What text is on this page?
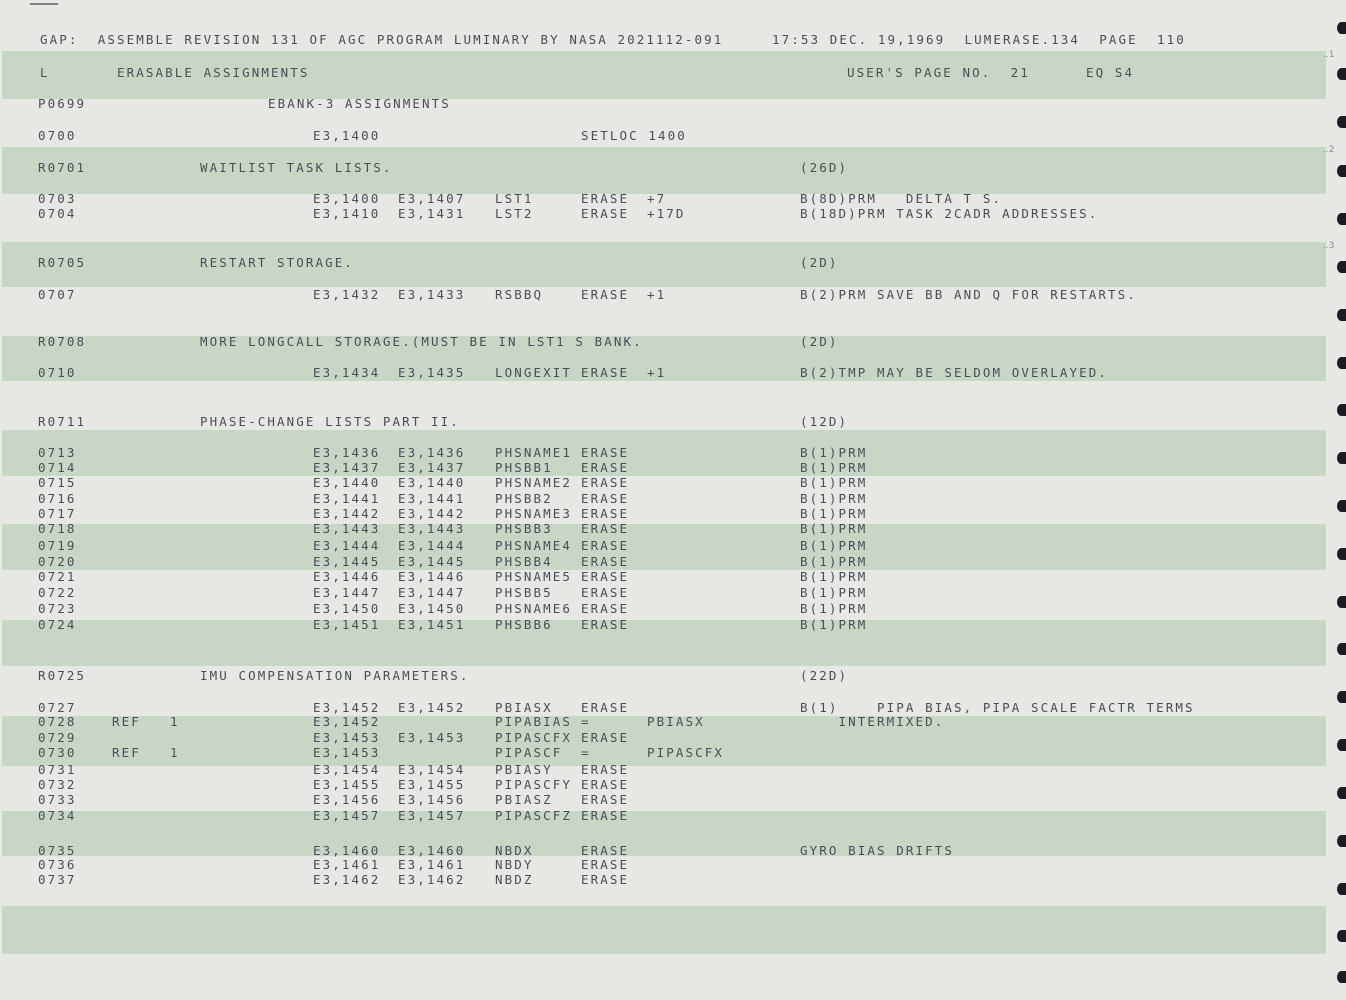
GAP:  ASSEMBLE REVISION 131 OF AGC PROGRAM LUMINARY BY NASA 2021112-091

	17:53 DEC. 19,1969  LUMERASE.134  PAGE  110

L

	ERASABLE ASSIGNMENTS

	USER'S PAGE NO.  21

	EQ S4

P0699	EBANK-3 ASSIGNMENTS
0700	E3,1400	SETLOC 1400
R0701	WAITLIST TASK LISTS.	(26D)
0703	E3,1400 E3,1407 LST1	ERASE +7	B(8D)PRM   DELTA T S.
0704	E3,1410 E3,1431 LST2	ERASE +17D	B(18D)PRM TASK 2CADR ADDRESSES.
R0705	RESTART STORAGE.	(2D)
0707	E3,1432 E3,1433 RSBBQ	ERASE +1	B(2)PRM SAVE BB AND Q FOR RESTARTS.
R0708	MORE LONGCALL STORAGE.(MUST BE IN LST1 S BANK.	(2D)
0710	E3,1434 E3,1435 LONGEXIT ERASE +1	B(2)TMP MAY BE SELDOM OVERLAYED.
R0711	PHASE-CHANGE LISTS PART II.	(12D)
0713	E3,1436 E3,1436 PHSNAME1 ERASE	B(1)PRM
0714	E3,1437 E3,1437 PHSBB1 ERASE	B(1)PRM
0715	E3,1440 E3,1440 PHSNAME2 ERASE	B(1)PRM
0716	E3,1441 E3,1441 PHSBB2 ERASE	B(1)PRM
0717	E3,1442 E3,1442 PHSNAME3 ERASE	B(1)PRM
0718	E3,1443 E3,1443 PHSBB3 ERASE	B(1)PRM
0719	E3,1444 E3,1444 PHSNAME4 ERASE	B(1)PRM
0720	E3,1445 E3,1445 PHSBB4 ERASE	B(1)PRM
0721	E3,1446 E3,1446 PHSNAME5 ERASE	B(1)PRM
0722	E3,1447 E3,1447 PHSBB5 ERASE	B(1)PRM
0723	E3,1450 E3,1450 PHSNAME6 ERASE	B(1)PRM
0724	E3,1451 E3,1451 PHSBB6 ERASE	B(1)PRM
R0725	IMU COMPENSATION PARAMETERS.	(22D)
0727	E3,1452 E3,1452 PBIASX ERASE	B(1)    PIPA BIAS, PIPA SCALE FACTR TERMS
0728	REF 1	E3,1452	PIPABIAS =	PBIASX	INTERMIXED.
0729	E3,1453 E3,1453 PIPASCFX ERASE
0730	REF 1	E3,1453	PIPASCF =	PIPASCFX
0731	E3,1454 E3,1454 PBIASY ERASE
0732	E3,1455 E3,1455 PIPASCFY ERASE
0733	E3,1456 E3,1456 PBIASZ ERASE
0734	E3,1457 E3,1457 PIPASCFZ ERASE
0735	E3,1460 E3,1460 NBDX	ERASE	GYRO BIAS DRIFTS
0736	E3,1461 E3,1461 NBDY	ERASE
0737	E3,1462 E3,1462 NBDZ	ERASE
..1
..2
..3
